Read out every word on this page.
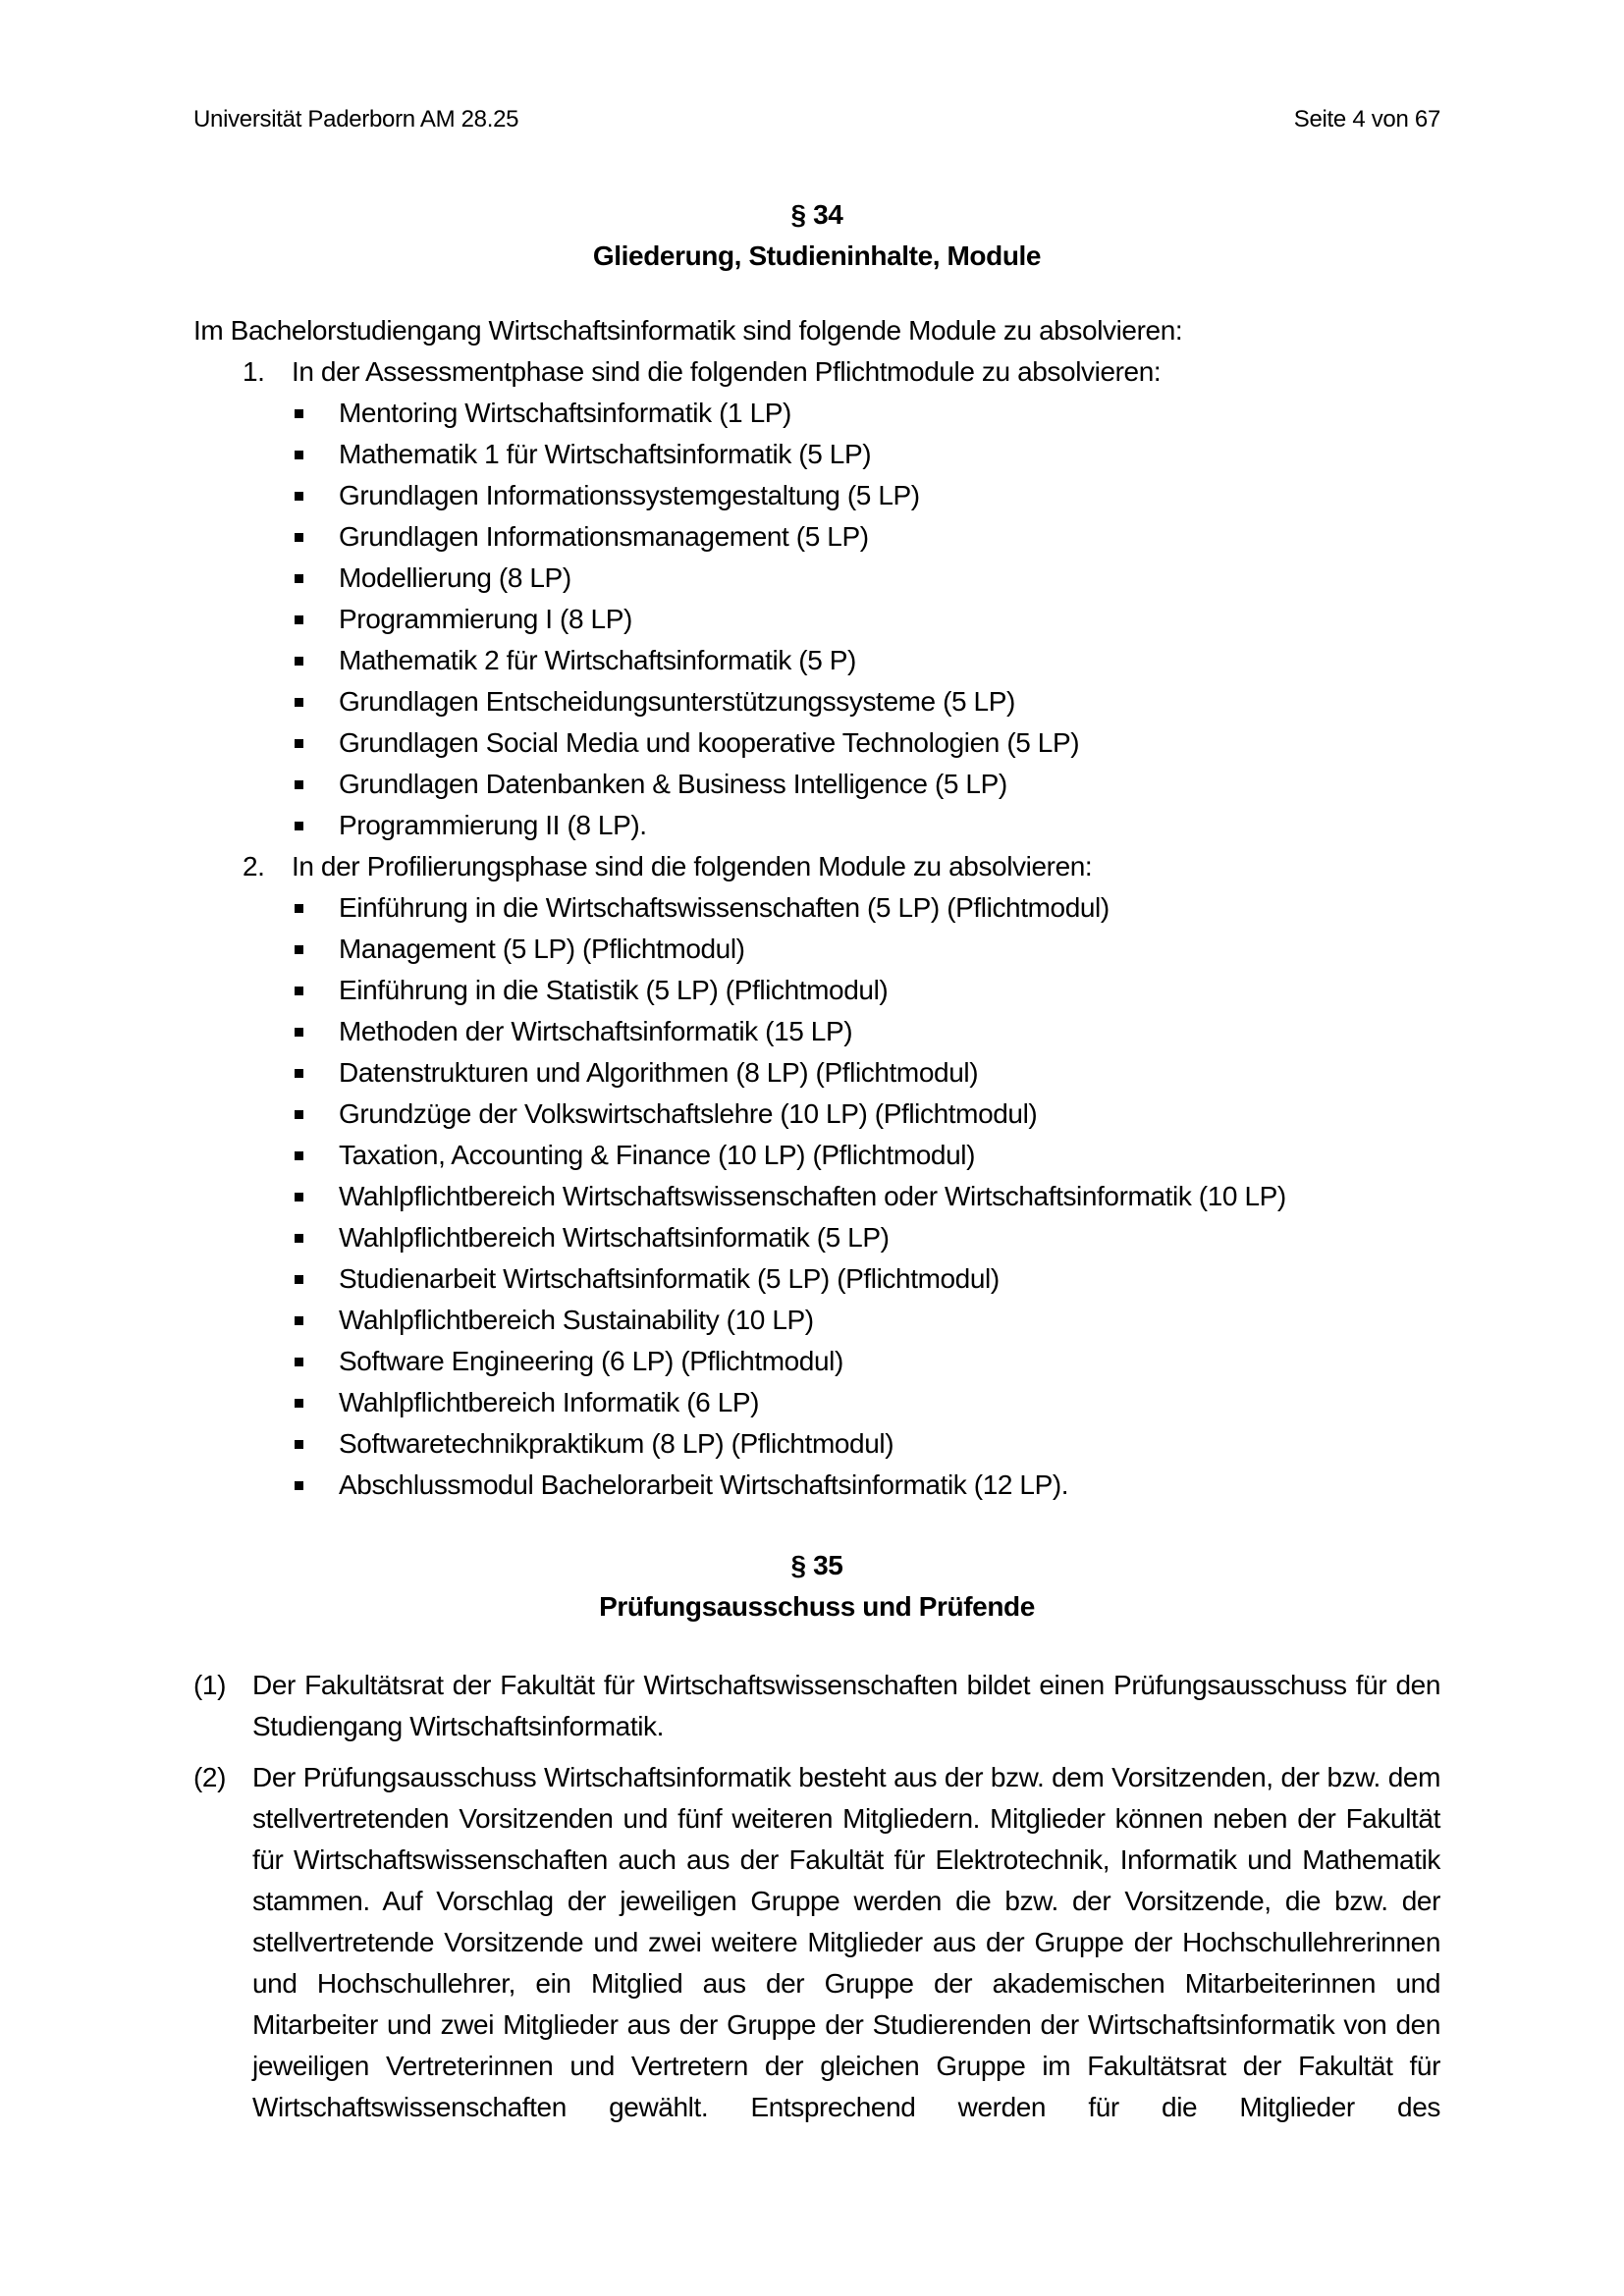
Universität Paderborn AM 28.25	Seite 4 von 67
§ 34
Gliederung, Studieninhalte, Module
Im Bachelorstudiengang Wirtschaftsinformatik sind folgende Module zu absolvieren:
1. In der Assessmentphase sind die folgenden Pflichtmodule zu absolvieren:
Mentoring Wirtschaftsinformatik (1 LP)
Mathematik 1 für Wirtschaftsinformatik (5 LP)
Grundlagen Informationssystemgestaltung (5 LP)
Grundlagen Informationsmanagement (5 LP)
Modellierung (8 LP)
Programmierung I (8 LP)
Mathematik 2 für Wirtschaftsinformatik (5 P)
Grundlagen Entscheidungsunterstützungssysteme (5 LP)
Grundlagen Social Media und kooperative Technologien (5 LP)
Grundlagen Datenbanken & Business Intelligence (5 LP)
Programmierung II (8 LP).
2. In der Profilierungsphase sind die folgenden Module zu absolvieren:
Einführung in die Wirtschaftswissenschaften (5 LP) (Pflichtmodul)
Management (5 LP) (Pflichtmodul)
Einführung in die Statistik (5 LP) (Pflichtmodul)
Methoden der Wirtschaftsinformatik (15 LP)
Datenstrukturen und Algorithmen (8 LP) (Pflichtmodul)
Grundzüge der Volkswirtschaftslehre (10 LP) (Pflichtmodul)
Taxation, Accounting & Finance (10 LP) (Pflichtmodul)
Wahlpflichtbereich Wirtschaftswissenschaften oder Wirtschaftsinformatik (10 LP)
Wahlpflichtbereich Wirtschaftsinformatik (5 LP)
Studienarbeit Wirtschaftsinformatik (5 LP) (Pflichtmodul)
Wahlpflichtbereich Sustainability (10 LP)
Software Engineering (6 LP) (Pflichtmodul)
Wahlpflichtbereich Informatik (6 LP)
Softwaretechnikpraktikum (8 LP) (Pflichtmodul)
Abschlussmodul Bachelorarbeit Wirtschaftsinformatik (12 LP).
§ 35
Prüfungsausschuss und Prüfende
(1) Der Fakultätsrat der Fakultät für Wirtschaftswissenschaften bildet einen Prüfungsausschuss für den Studiengang Wirtschaftsinformatik.
(2) Der Prüfungsausschuss Wirtschaftsinformatik besteht aus der bzw. dem Vorsitzenden, der bzw. dem stellvertretenden Vorsitzenden und fünf weiteren Mitgliedern. Mitglieder können neben der Fakultät für Wirtschaftswissenschaften auch aus der Fakultät für Elektrotechnik, Informatik und Mathematik stammen. Auf Vorschlag der jeweiligen Gruppe werden die bzw. der Vorsitzende, die bzw. der stellvertretende Vorsitzende und zwei weitere Mitglieder aus der Gruppe der Hochschullehrerinnen und Hochschullehrer, ein Mitglied aus der Gruppe der akademischen Mitarbeiterinnen und Mitarbeiter und zwei Mitglieder aus der Gruppe der Studierenden der Wirtschaftsinformatik von den jeweiligen Vertreterinnen und Vertretern der gleichen Gruppe im Fakultätsrat der Fakultät für Wirtschaftswissenschaften gewählt. Entsprechend werden für die Mitglieder des
